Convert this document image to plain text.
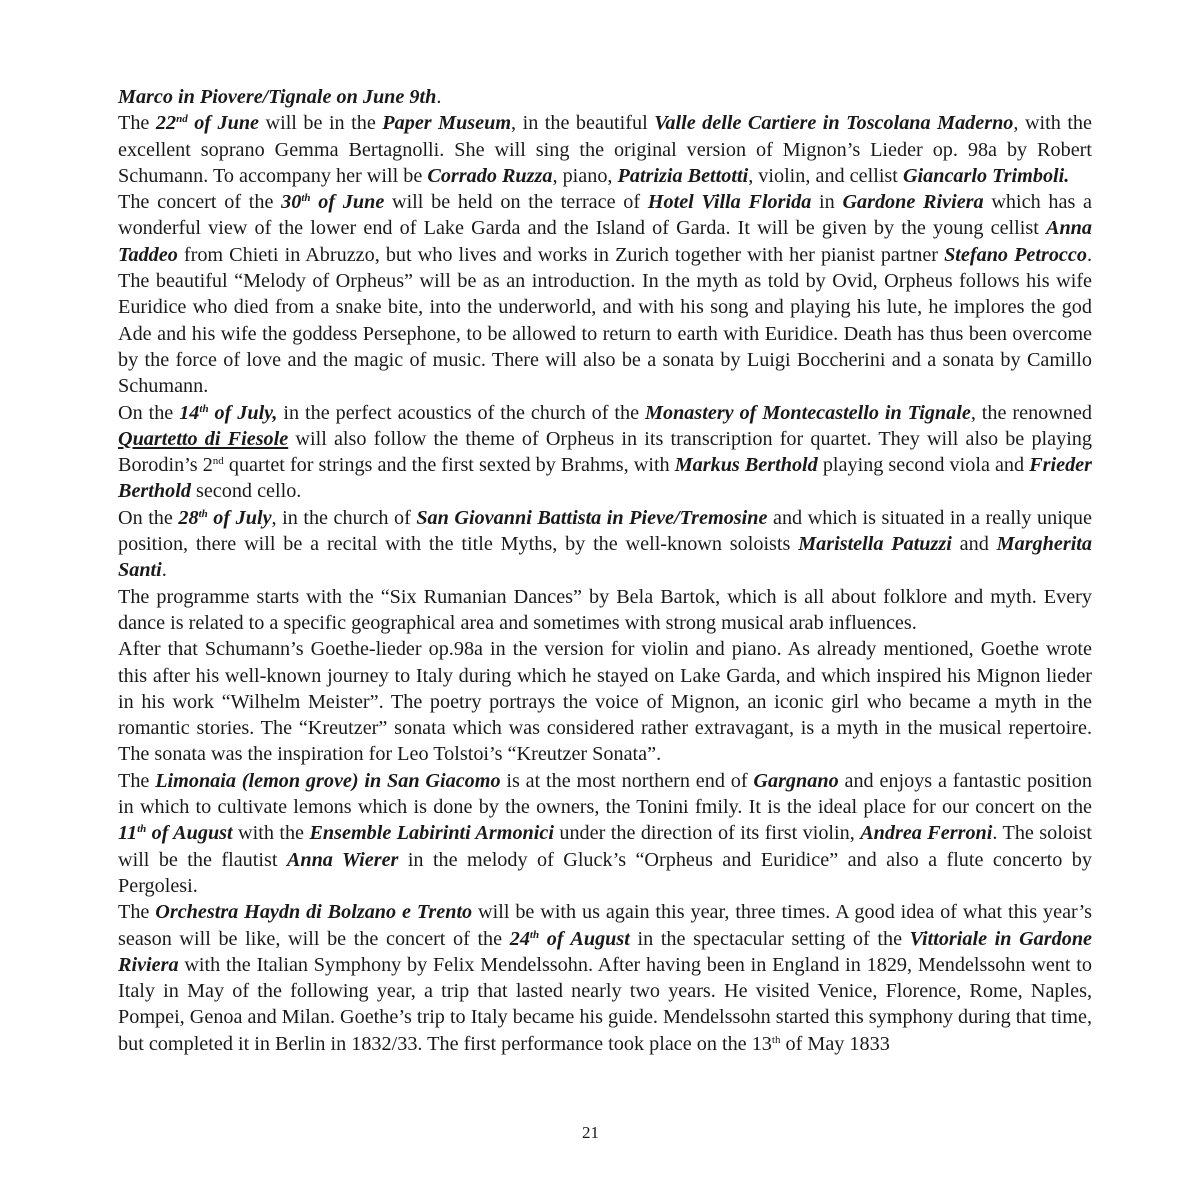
Marco in Piovere/Tignale on June 9th.

The 22nd of June will be in the Paper Museum, in the beautiful Valle delle Cartiere in Toscolana Maderno, with the excellent soprano Gemma Bertagnolli. She will sing the original version of Mignon’s Lieder op. 98a by Robert Schumann. To accompany her will be Corrado Ruzza, piano, Patrizia Bettotti, violin, and cellist Giancarlo Trimboli.

The concert of the 30th of June will be held on the terrace of Hotel Villa Florida in Gardone Riviera which has a wonderful view of the lower end of Lake Garda and the Island of Garda. It will be given by the young cellist Anna Taddeo from Chieti in Abruzzo, but who lives and works in Zurich together with her pianist partner Stefano Petrocco. The beautiful “Melody of Orpheus” will be as an introduction. In the myth as told by Ovid, Orpheus follows his wife Euridice who died from a snake bite, into the underworld, and with his song and playing his lute, he implores the god Ade and his wife the goddess Persephone, to be allowed to return to earth with Euridice. Death has thus been overcome by the force of love and the magic of music. There will also be a sonata by Luigi Boccherini and a sonata by Camillo Schumann.

On the 14th of July, in the perfect acoustics of the church of the Monastery of Montecastello in Tignale, the renowned Quartetto di Fiesole will also follow the theme of Orpheus in its transcription for quartet. They will also be playing Borodin’s 2nd quartet for strings and the first sexted by Brahms, with Markus Berthold playing second viola and Frieder Berthold second cello.

On the 28th of July, in the church of San Giovanni Battista in Pieve/Tremosine and which is situated in a really unique position, there will be a recital with the title Myths, by the well-known soloists Maristella Patuzzi and Margherita Santi.

The programme starts with the “Six Rumanian Dances” by Bela Bartok, which is all about folklore and myth. Every dance is related to a specific geographical area and sometimes with strong musical arab influences.

After that Schumann’s Goethe-lieder op.98a in the version for violin and piano. As already mentioned, Goethe wrote this after his well-known journey to Italy during which he stayed on Lake Garda, and which inspired his Mignon lieder in his work “Wilhelm Meister”. The poetry portrays the voice of Mignon, an iconic girl who became a myth in the romantic stories. The “Kreutzer” sonata which was considered rather extravagant, is a myth in the musical repertoire. The sonata was the inspiration for Leo Tolstoi’s “Kreutzer Sonata”.

The Limonaia (lemon grove) in San Giacomo is at the most northern end of Gargnano and enjoys a fantastic position in which to cultivate lemons which is done by the owners, the Tonini fmily. It is the ideal place for our concert on the 11th of August with the Ensemble Labirinti Armonici under the direction of its first violin, Andrea Ferroni. The soloist will be the flautist Anna Wierer in the melody of Gluck’s “Orpheus and Euridice” and also a flute concerto by Pergolesi.

The Orchestra Haydn di Bolzano e Trento will be with us again this year, three times. A good idea of what this year’s season will be like, will be the concert of the 24th of August in the spectacular setting of the Vittoriale in Gardone Riviera with the Italian Symphony by Felix Mendelssohn. After having been in England in 1829, Mendelssohn went to Italy in May of the following year, a trip that lasted nearly two years. He visited Venice, Florence, Rome, Naples, Pompei, Genoa and Milan. Goethe’s trip to Italy became his guide. Mendelssohn started this symphony during that time, but completed it in Berlin in 1832/33. The first performance took place on the 13th of May 1833

21
